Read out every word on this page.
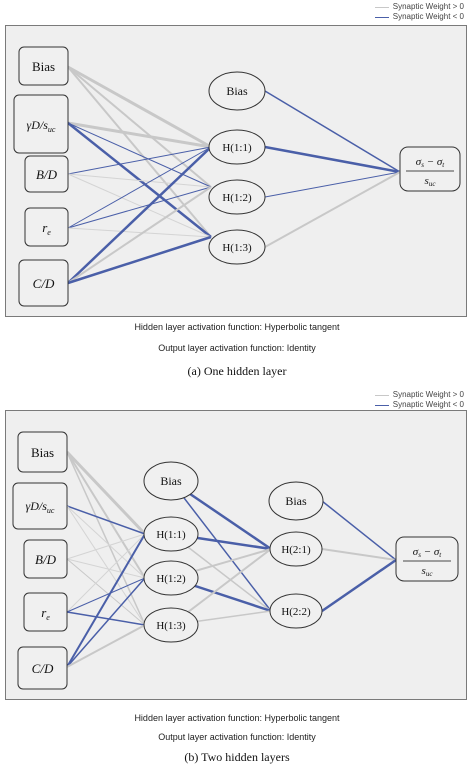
Synaptic Weight > 0
Synaptic Weight < 0
Bias
$\gamma D/s_{uc}$
B/D
$r_e$
C/D
Bias
H(1:1)
H(1:2)
H(1:3)
σs − σt
suc
Hidden layer activation function: Hyperbolic tangent
Output layer activation function: Identity
(a) One hidden layer
Synaptic Weight > 0
Synaptic Weight < 0
Bias
$\gamma D/s_{uc}$
B/D
$r_e$
C/D
Bias
H(1:1)
H(1:2)
H(1:3)
Bias
H(2:1)
H(2:2)
σs − σt
suc
Hidden layer activation function: Hyperbolic tangent
Output layer activation function: Identity
(b) Two hidden layers
